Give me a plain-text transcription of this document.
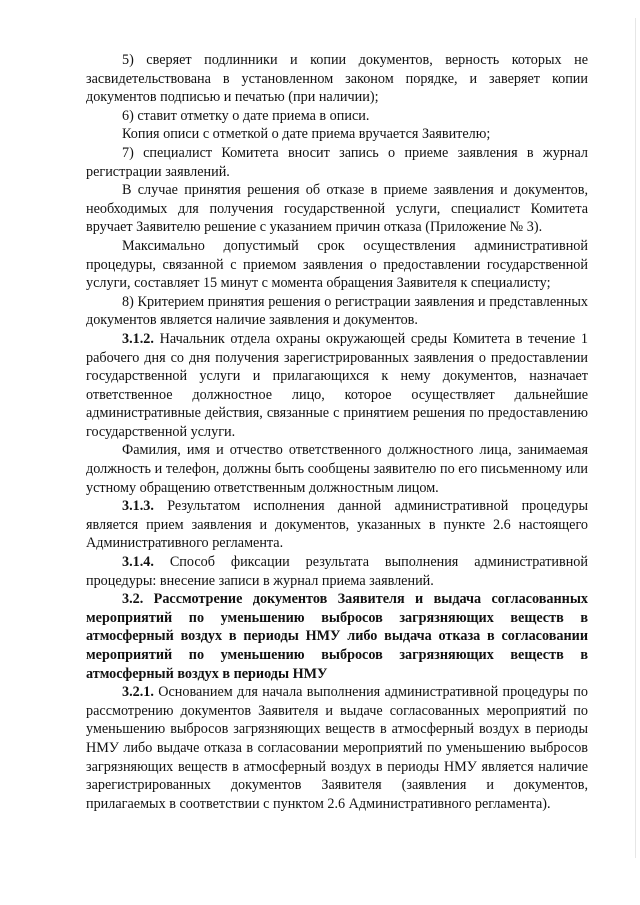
5) сверяет подлинники и копии документов, верность которых не засвидетельствована в установленном законом порядке, и заверяет копии документов подписью и печатью (при наличии);

6) ставит отметку о дате приема в описи.

Копия описи с отметкой о дате приема вручается Заявителю;

7) специалист Комитета вносит запись о приеме заявления в журнал регистрации заявлений.

В случае принятия решения об отказе в приеме заявления и документов, необходимых для получения государственной услуги, специалист Комитета вручает Заявителю решение с указанием причин отказа (Приложение № 3).

Максимально допустимый срок осуществления административной процедуры, связанной с приемом заявления о предоставлении государственной услуги, составляет 15 минут с момента обращения Заявителя к специалисту;

8) Критерием принятия решения о регистрации заявления и представленных документов является наличие заявления и документов.

3.1.2. Начальник отдела охраны окружающей среды Комитета в течение 1 рабочего дня со дня получения зарегистрированных заявления о предоставлении государственной услуги и прилагающихся к нему документов, назначает ответственное должностное лицо, которое осуществляет дальнейшие административные действия, связанные с принятием решения по предоставлению государственной услуги.

Фамилия, имя и отчество ответственного должностного лица, занимаемая должность и телефон, должны быть сообщены заявителю по его письменному или устному обращению ответственным должностным лицом.

3.1.3. Результатом исполнения данной административной процедуры является прием заявления и документов, указанных в пункте 2.6 настоящего Административного регламента.

3.1.4. Способ фиксации результата выполнения административной процедуры: внесение записи в журнал приема заявлений.

3.2. Рассмотрение документов Заявителя и выдача согласованных мероприятий по уменьшению выбросов загрязняющих веществ в атмосферный воздух в периоды НМУ либо выдача отказа в согласовании мероприятий по уменьшению выбросов загрязняющих веществ в атмосферный воздух в периоды НМУ

3.2.1. Основанием для начала выполнения административной процедуры по рассмотрению документов Заявителя и выдаче согласованных мероприятий по уменьшению выбросов загрязняющих веществ в атмосферный воздух в периоды НМУ либо выдаче отказа в согласовании мероприятий по уменьшению выбросов загрязняющих веществ в атмосферный воздух в периоды НМУ является наличие зарегистрированных документов Заявителя (заявления и документов, прилагаемых в соответствии с пунктом 2.6 Административного регламента).
